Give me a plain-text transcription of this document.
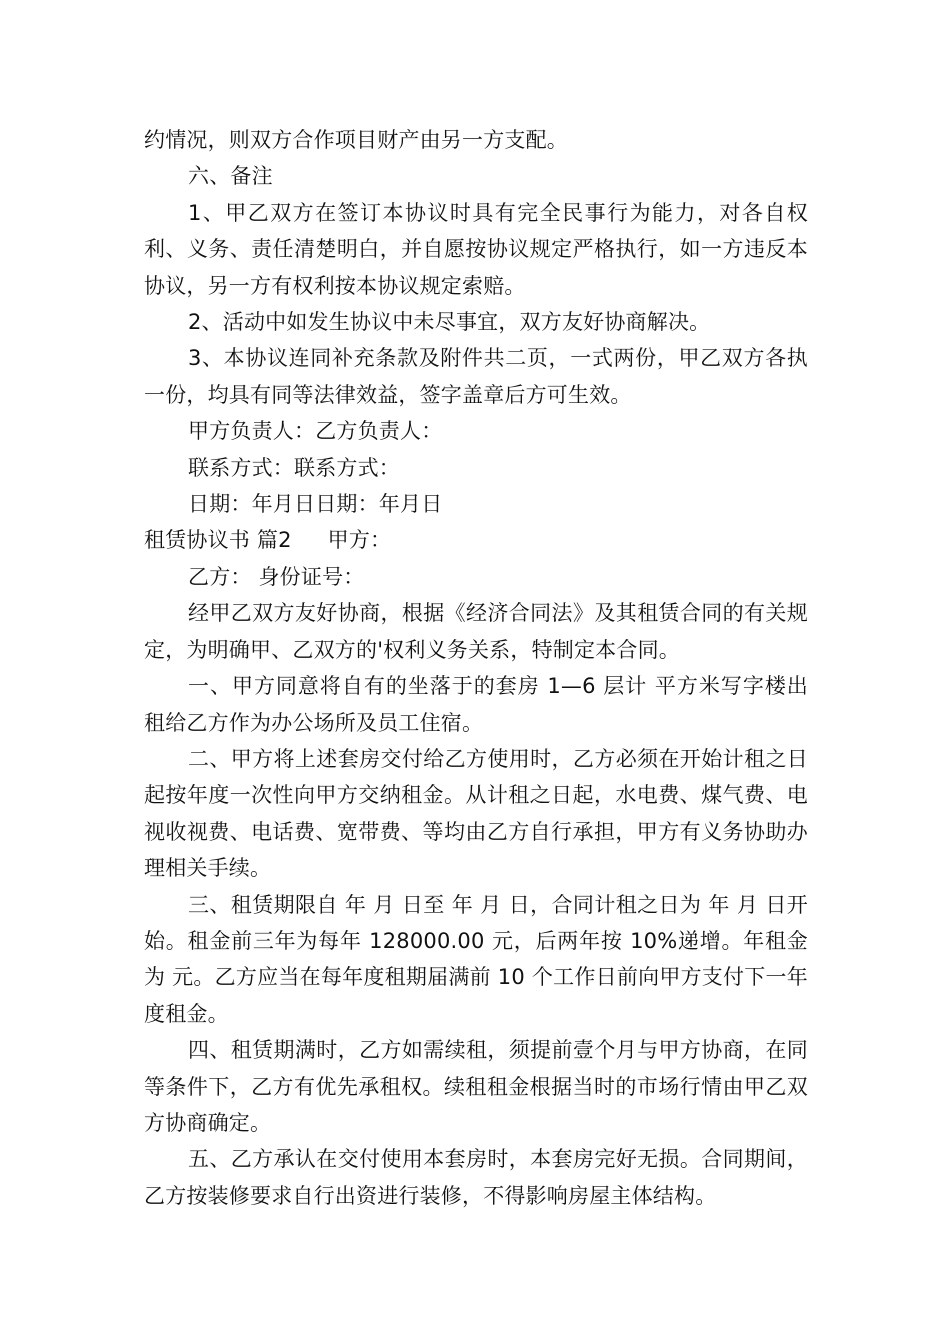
约情况，则双方合作项目财产由另一方支配。

六、备注

1、甲乙双方在签订本协议时具有完全民事行为能力，对各自权利、义务、责任清楚明白，并自愿按协议规定严格执行，如一方违反本协议，另一方有权利按本协议规定索赔。

2、活动中如发生协议中未尽事宜，双方友好协商解决。

3、本协议连同补充条款及附件共二页，一式两份，甲乙双方各执一份，均具有同等法律效益，签字盖章后方可生效。

甲方负责人：乙方负责人：

联系方式：联系方式：

日期：年月日日期：年月日

租赁协议书 篇2 甲方：

乙方： 身份证号：

经甲乙双方友好协商，根据《经济合同法》及其租赁合同的有关规定，为明确甲、乙双方的'权利义务关系，特制定本合同。

一、甲方同意将自有的坐落于的套房 1—6 层计 平方米写字楼出租给乙方作为办公场所及员工住宿。

二、甲方将上述套房交付给乙方使用时，乙方必须在开始计租之日起按年度一次性向甲方交纳租金。从计租之日起，水电费、煤气费、电视收视费、电话费、宽带费、等均由乙方自行承担，甲方有义务协助办理相关手续。

三、租赁期限自 年 月 日至 年 月 日，合同计租之日为 年 月 日开始。租金前三年为每年 128000.00 元，后两年按 10%递增。年租金为 元。乙方应当在每年度租期届满前 10 个工作日前向甲方支付下一年度租金。

四、租赁期满时，乙方如需续租，须提前壹个月与甲方协商，在同等条件下，乙方有优先承租权。续租租金根据当时的市场行情由甲乙双方协商确定。

五、乙方承认在交付使用本套房时，本套房完好无损。合同期间，乙方按装修要求自行出资进行装修，不得影响房屋主体结构。
